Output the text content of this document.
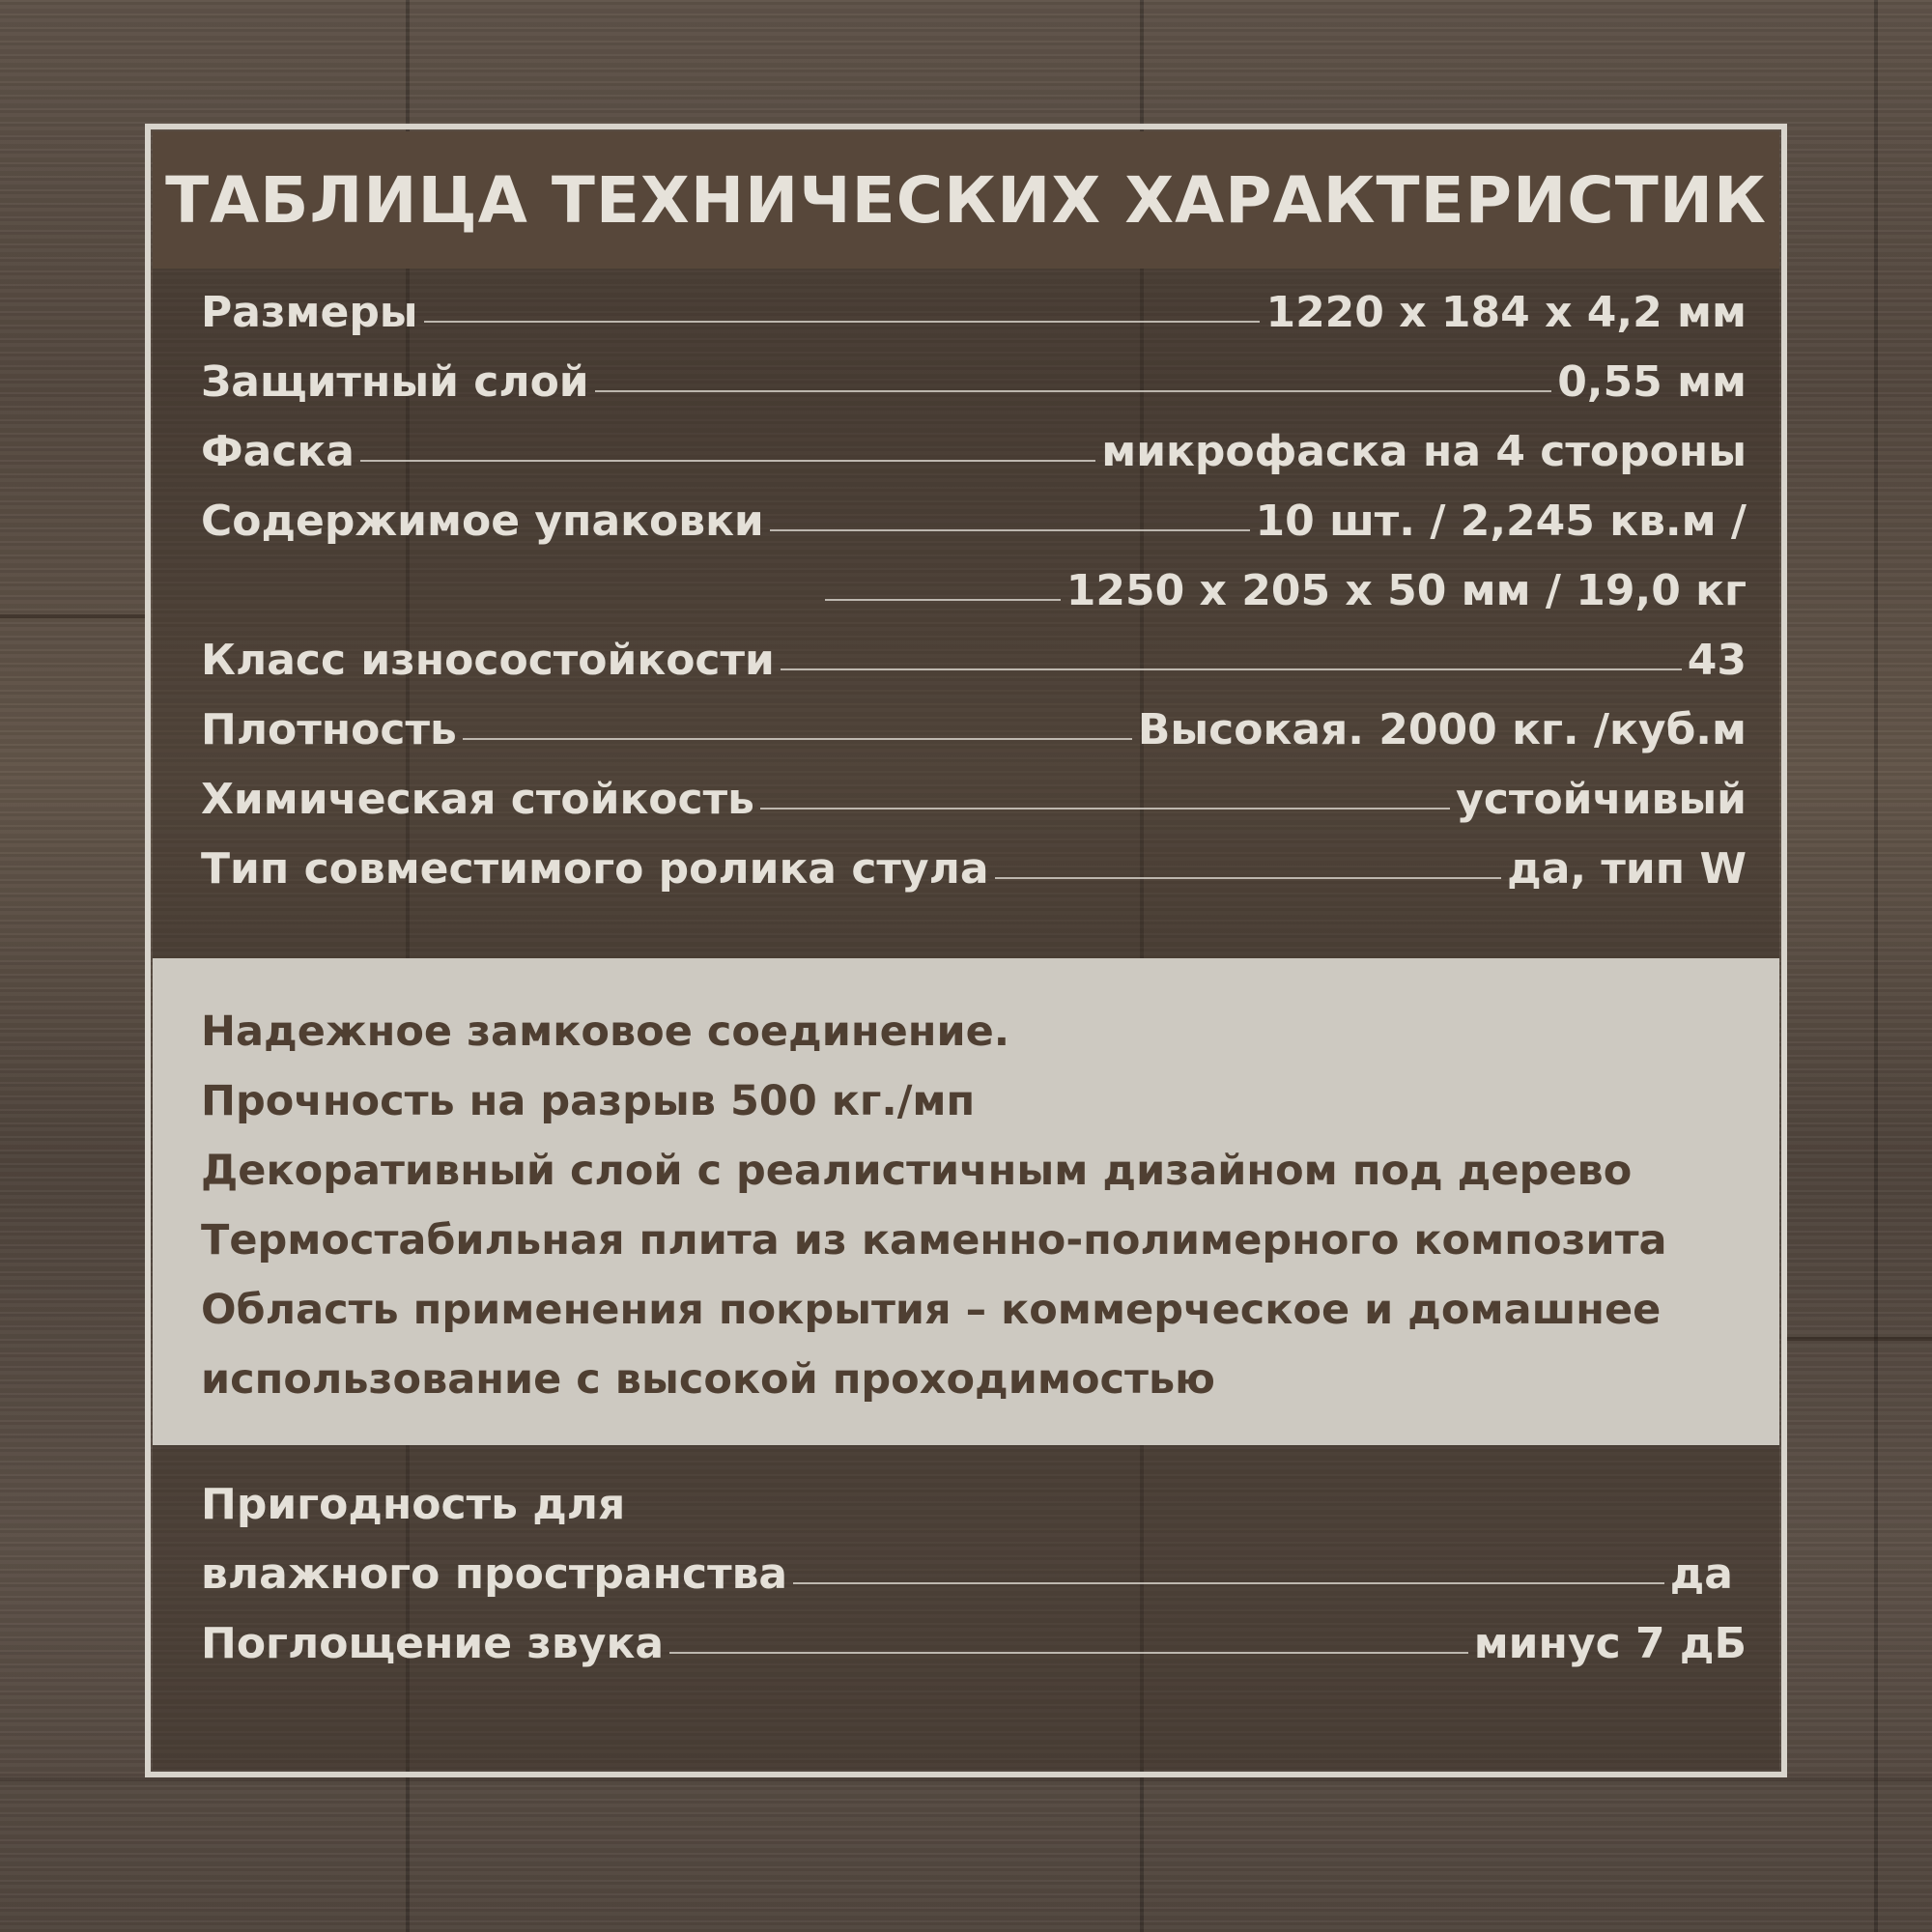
ТАБЛИЦА ТЕХНИЧЕСКИХ ХАРАКТЕРИСТИК
Размеры	1220 х 184 х 4,2 мм
Защитный слой	0,55 мм
Фаска	микрофаска на 4 стороны
Содержимое упаковки	10 шт. / 2,245 кв.м /
1250 х 205 х 50 мм / 19,0 кг
Класс износостойкости	43
Плотность	Высокая. 2000 кг. /куб.м
Химическая стойкость	устойчивый
Тип совместимого ролика стула	да, тип W
Надежное замковое соединение.
Прочность на разрыв 500 кг./мп
Декоративный слой с реалистичным дизайном под дерево
Термостабильная плита из каменно-полимерного композита
Область применения покрытия – коммерческое и домашнее
использование с высокой проходимостью
Пригодность для
влажного пространства	да
Поглощение звука	минус 7 дБ
